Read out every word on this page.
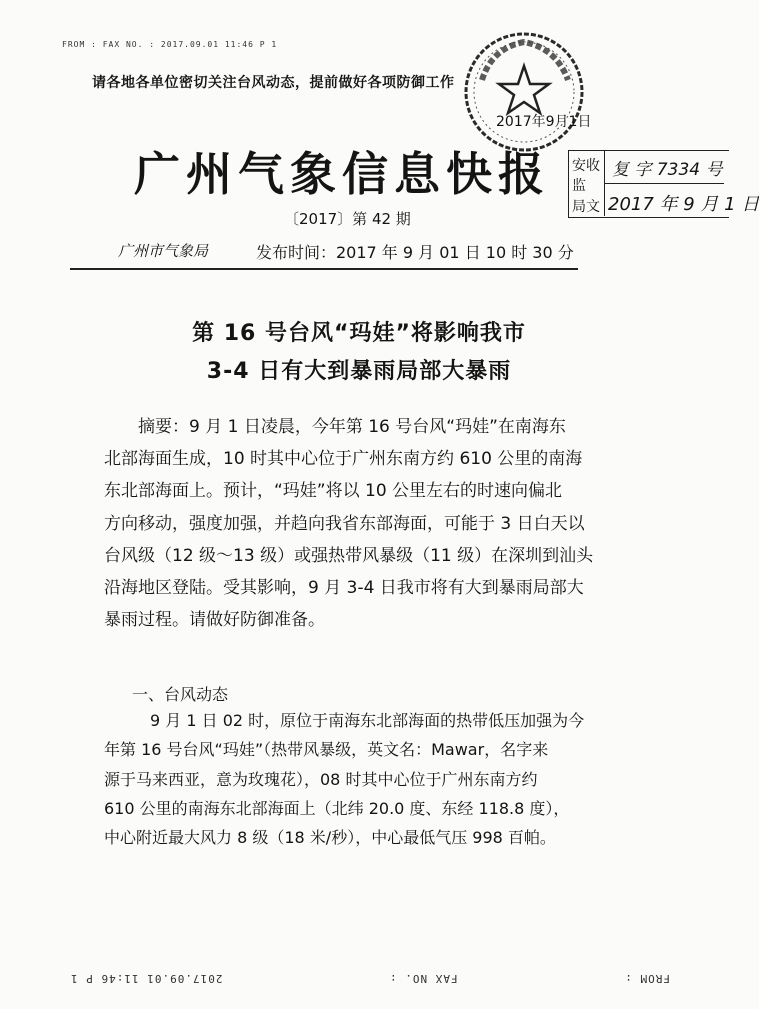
FROM : FAX NO. : 2017.09.01 11:46 P 1
请各地各单位密切关注台风动态，提前做好各项防御工作
2017年9月1日
广州气象信息快报 安收
监
局文
复 字 7334 号
2017 年 9 月 1 日
〔2017〕第 42 期
广州市气象局	发布时间：2017 年 9 月 01 日 10 时 30 分
第 16 号台风“玛娃”将影响我市
3-4 日有大到暴雨局部大暴雨
摘要：9 月 1 日凌晨，今年第 16 号台风“玛娃”在南海东
北部海面生成，10 时其中心位于广州东南方约 610 公里的南海
东北部海面上。预计，“玛娃”将以 10 公里左右的时速向偏北
方向移动，强度加强，并趋向我省东部海面，可能于 3 日白天以
台风级（12 级～13 级）或强热带风暴级（11 级）在深圳到汕头
沿海地区登陆。受其影响，9 月 3-4 日我市将有大到暴雨局部大
暴雨过程。请做好防御准备。
一、台风动态
9 月 1 日 02 时，原位于南海东北部海面的热带低压加强为今
年第 16 号台风“玛娃”（热带风暴级，英文名：Mawar，名字来
源于马来西亚，意为玫瑰花），08 时其中心位于广州东南方约
610 公里的南海东北部海面上（北纬 20.0 度、东经 118.8 度），
中心附近最大风力 8 级（18 米/秒），中心最低气压 998 百帕。
FROM :
FAX NO. :
2017.09.01 11:46 P 1
